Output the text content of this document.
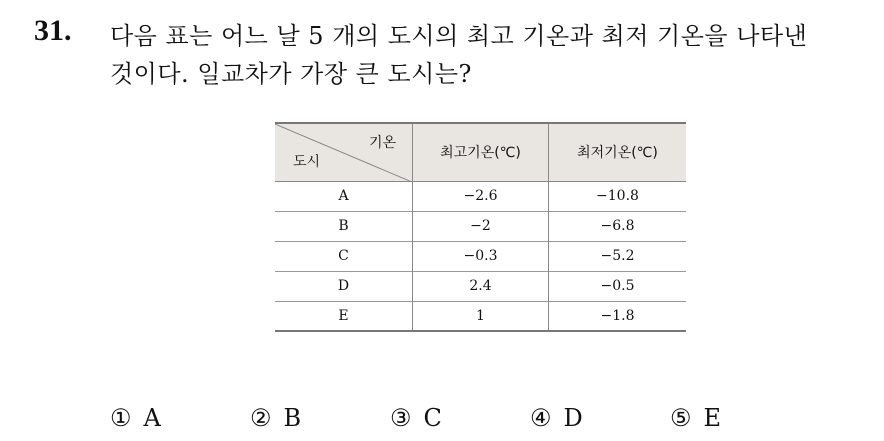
31. 다음 표는 어느 날 5 개의 도시의 최고 기온과 최저 기온을 나타낸
것이다. 일교차가 가장 큰 도시는?
기온
도시	최고기온(℃)	최저기온(℃)
A	−2.6	−10.8
B	−2	−6.8
C	−0.3	−5.2
D	2.4	−0.5
E	1	−1.8
① A	② B	③ C	④ D	⑤ E
